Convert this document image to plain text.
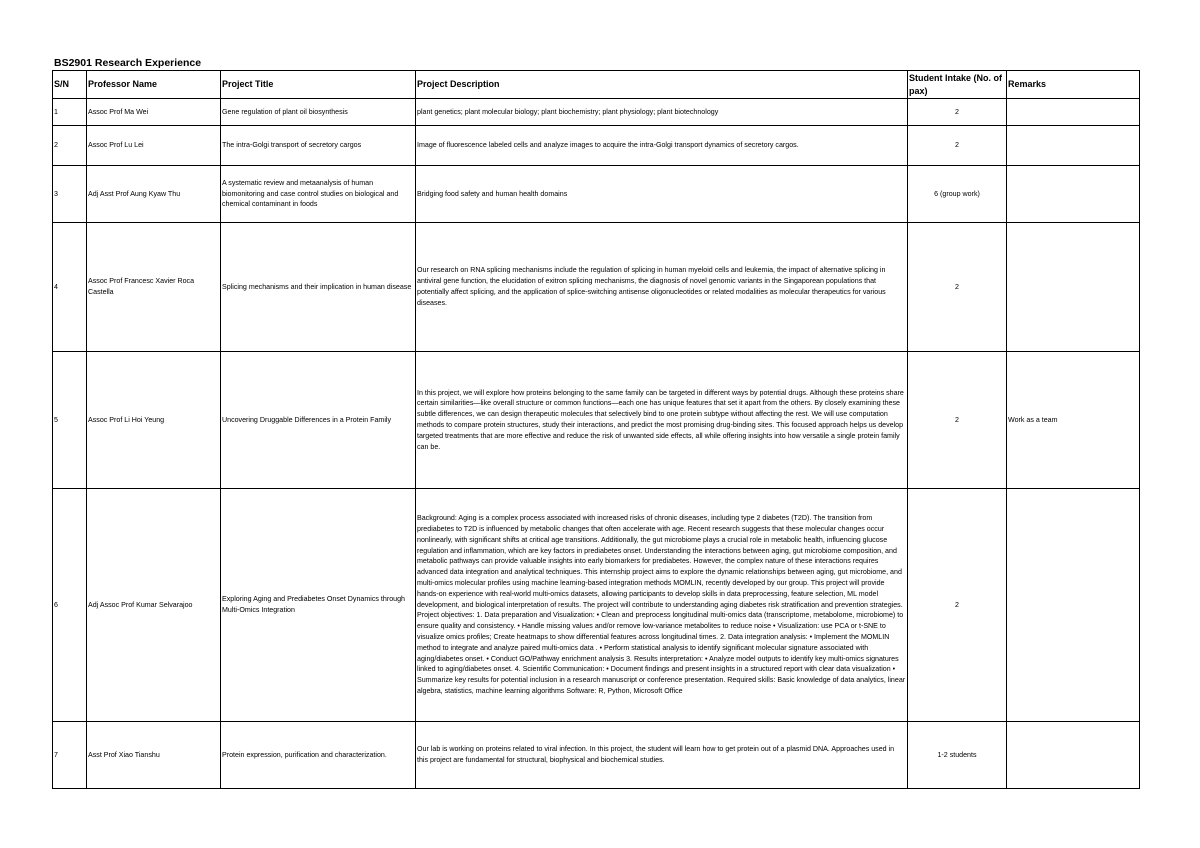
BS2901 Research Experience
S/N	Professor Name	Project Title	Project Description	Student Intake (No. of pax)	Remarks
1	Assoc Prof Ma Wei	Gene regulation of plant oil biosynthesis	plant genetics; plant molecular biology; plant biochemistry; plant physiology; plant biotechnology	2	
2	Assoc Prof Lu Lei	The intra-Golgi transport of secretory cargos	Image of fluorescence labeled cells and analyze images to acquire the intra-Golgi transport dynamics of secretory cargos.	2	
3	Adj Asst Prof Aung Kyaw Thu	A systematic review and metaanalysis of human biomonitoring and case control studies on biological and chemical contaminant in foods	Bridging food safety and human health domains	6 (group work)	
4	Assoc Prof Francesc Xavier Roca Castella	Splicing mechanisms and their implication in human disease	Our research on RNA splicing mechanisms include the regulation of splicing in human myeloid cells and leukemia, the impact of alternative splicing in antiviral gene function, the elucidation of exitron splicing mechanisms, the diagnosis of novel genomic variants in the Singaporean populations that potentially affect splicing, and the application of splice-switching antisense oligonucleotides or related modalities as molecular therapeutics for various diseases.	2	
5	Assoc Prof Li Hoi Yeung	Uncovering Druggable Differences in a Protein Family	In this project, we will explore how proteins belonging to the same family can be targeted in different ways by potential drugs. Although these proteins share certain similarities—like overall structure or common functions—each one has unique features that set it apart from the others. By closely examining these subtle differences, we can design therapeutic molecules that selectively bind to one protein subtype without affecting the rest. We will use computation methods to compare protein structures, study their interactions, and predict the most promising drug-binding sites. This focused approach helps us develop targeted treatments that are more effective and reduce the risk of unwanted side effects, all while offering insights into how versatile a single protein family can be.	2	Work as a team
6	Adj Assoc Prof Kumar Selvarajoo	Exploring Aging and Prediabetes Onset Dynamics through Multi-Omics Integration	Background: Aging is a complex process associated with increased risks of chronic diseases, including type 2 diabetes (T2D). The transition from prediabetes to T2D is influenced by metabolic changes that often accelerate with age. Recent research suggests that these molecular changes occur nonlinearly, with significant shifts at critical age transitions. Additionally, the gut microbiome plays a crucial role in metabolic health, influencing glucose regulation and inflammation, which are key factors in prediabetes onset. Understanding the interactions between aging, gut microbiome composition, and metabolic pathways can provide valuable insights into early biomarkers for prediabetes. However, the complex nature of these interactions requires advanced data integration and analytical techniques. This internship project aims to explore the dynamic relationships between aging, gut microbiome, and multi-omics molecular profiles using machine learning-based integration methods MOMLIN, recently developed by our group. This project will provide hands-on experience with real-world multi-omics datasets, allowing participants to develop skills in data preprocessing, feature selection, ML model development, and biological interpretation of results. The project will contribute to understanding aging diabetes risk stratification and prevention strategies. Project objectives: 1. Data preparation and Visualization: • Clean and preprocess longitudinal multi-omics data (transcriptome, metabolome, microbiome) to ensure quality and consistency. • Handle missing values and/or remove low-variance metabolites to reduce noise • Visualization: use PCA or t-SNE to visualize omics profiles; Create heatmaps to show differential features across longitudinal times. 2. Data integration analysis: • Implement the MOMLIN method to integrate and analyze paired multi-omics data . • Perform statistical analysis to identify significant molecular signature associated with aging/diabetes onset. • Conduct GO/Pathway enrichment analysis 3. Results interpretation: • Analyze model outputs to identify key multi-omics signatures linked to aging/diabetes onset. 4. Scientific Communication: • Document findings and present insights in a structured report with clear data visualization • Summarize key results for potential inclusion in a research manuscript or conference presentation. Required skills: Basic knowledge of data analytics, linear algebra, statistics, machine learning algorithms Software: R, Python, Microsoft Office	2	
7	Asst Prof Xiao Tianshu	Protein expression, purification and characterization.	Our lab is working on proteins related to viral infection. In this project, the student will learn how to get protein out of a plasmid DNA. Approaches used in this project are fundamental for structural, biophysical and biochemical studies.	1-2 students	
